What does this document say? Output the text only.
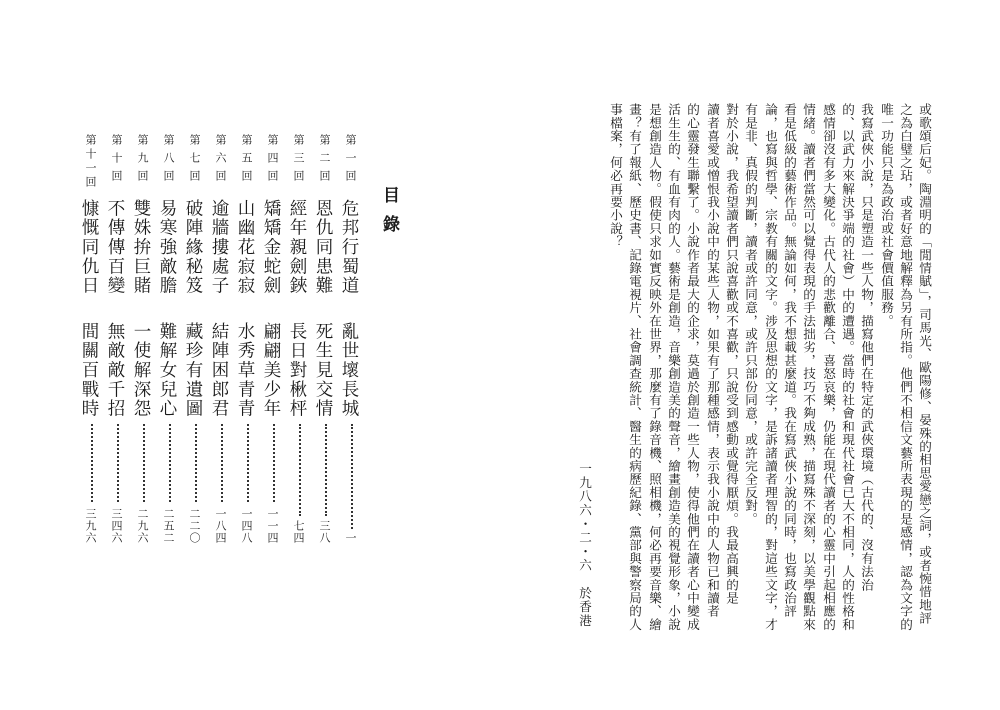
或歌頌后妃。陶淵明的「閒情賦」，司馬光、歐陽修、晏殊的相思愛戀之詞，或者惋惜地評
之為白璧之玷，或者好意地解釋為另有所指。他們不相信文藝所表現的是感情，認為文字的
唯一功能只是為政治或社會價值服務。
我寫武俠小說，只是塑造一些人物，描寫他們在特定的武俠環境（古代的、沒有法治
的、以武力來解決爭端的社會）中的遭遇。當時的社會和現代社會已大不相同，人的性格和
感情卻沒有多大變化。古代人的悲歡離合、喜怒哀樂，仍能在現代讀者的心靈中引起相應的
情緒。讀者們當然可以覺得表現的手法拙劣，技巧不夠成熟，描寫殊不深刻，以美學觀點來
看是低級的藝術作品。無論如何，我不想載甚麼道。我在寫武俠小說的同時，也寫政治評
論，也寫與哲學、宗教有關的文字。涉及思想的文字，是訴諸讀者理智的，對這些文字，才
有是非、真假的判斷，讀者或許同意，或許只部份同意，或許完全反對。
對於小說，我希望讀者們只說喜歡或不喜歡，只說受到感動或覺得厭煩。我最高興的是
讀者喜愛或憎恨我小說中的某些人物，如果有了那種感情，表示我小說中的人物已和讀者
的心靈發生聯繫了。小說作者最大的企求，莫過於創造一些人物，使得他們在讀者心中變成
活生生的、有血有肉的人。藝術是創造，音樂創造美的聲音，繪畫創造美的視覺形象，小說
是想創造人物。假使只求如實反映外在世界，那麼有了錄音機、照相機，何必再要音樂、繪
畫？有了報紙、歷史書、記錄電視片、社會調查統計、醫生的病歷紀錄、黨部與警察局的人
事檔案，何必再要小說？
一九八六・二・六　於香港
目錄
第一回
危邦行蜀道
亂世壞長城
一
第二回
恩仇同患難
死生見交情
三八
第三回
經年親劍鋏
長日對楸枰
七四
第四回
矯矯金蛇劍
翩翩美少年
一一四
第五回
山幽花寂寂
水秀草青青
一四八
第六回
逾牆摟處子
結陣困郎君
一八四
第七回
破陣緣秘笈
藏珍有遺圖
二二〇
第八回
易寒強敵膽
難解女兒心
二五二
第九回
雙姝拚巨賭
一使解深怨
二九六
第十回
不傳傳百變
無敵敵千招
三四六
第十一回
慷慨同仇日
間關百戰時
三九六
